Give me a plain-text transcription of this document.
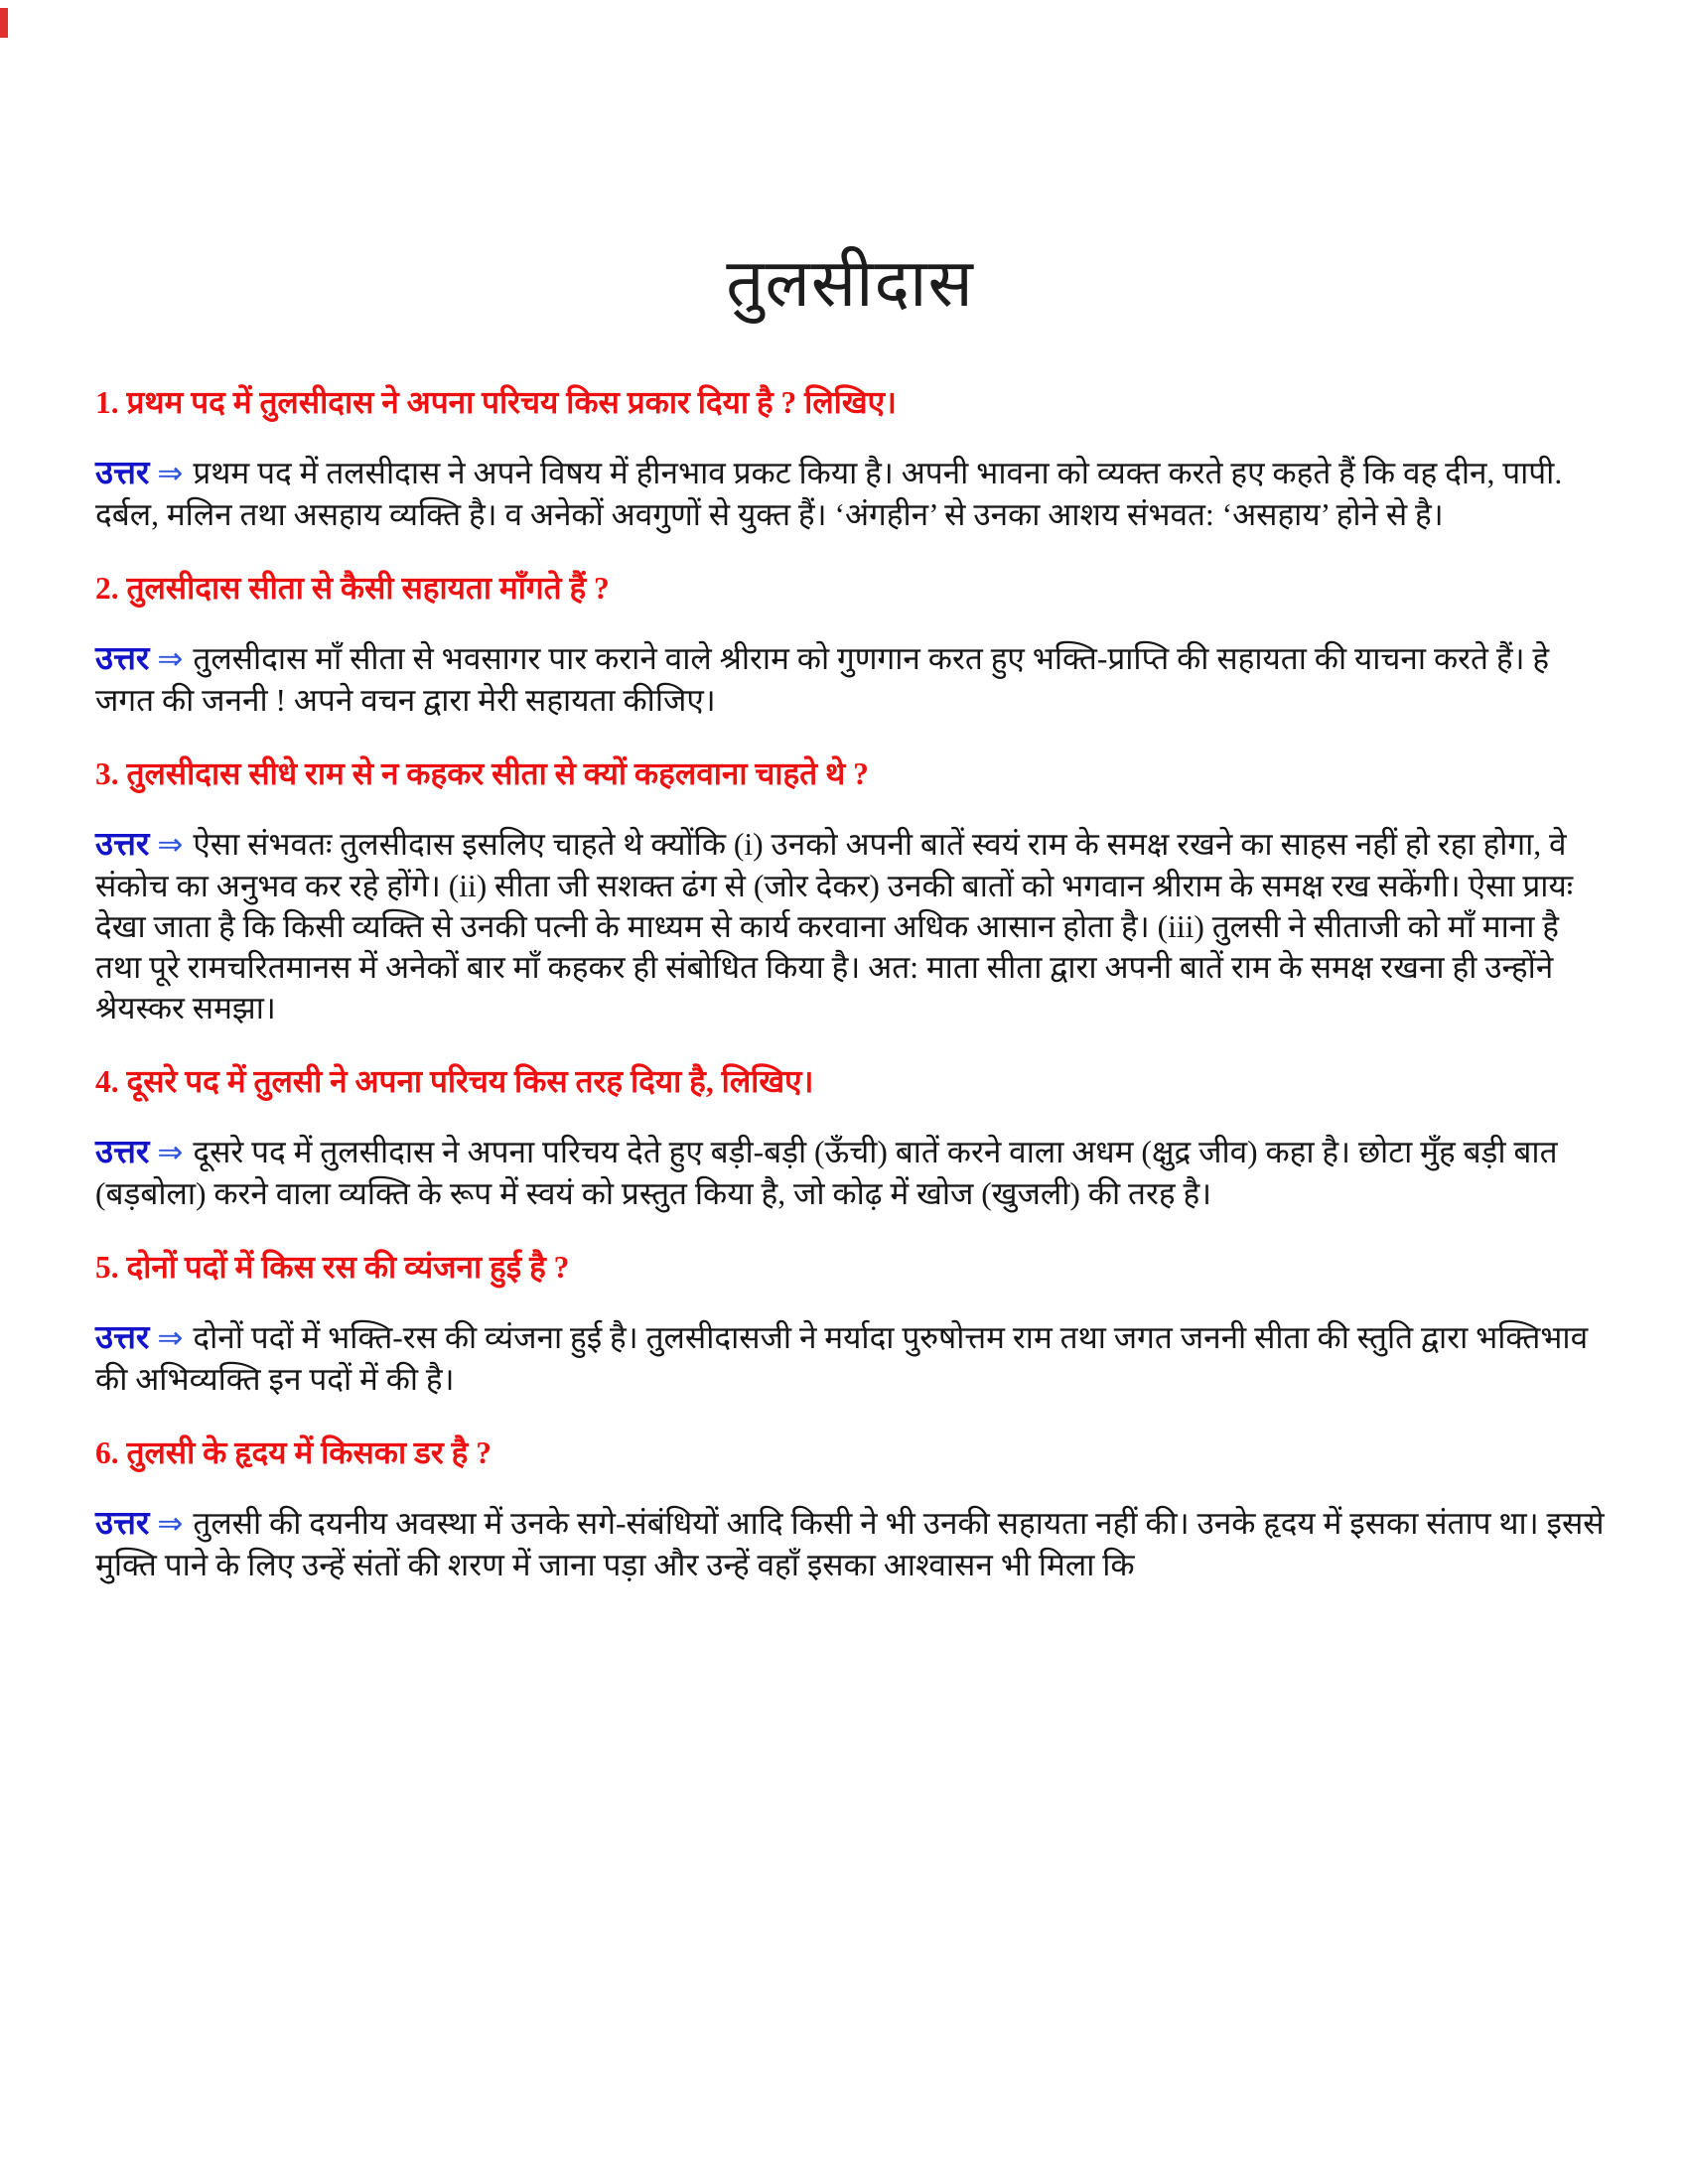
तुलसीदास
1. प्रथम पद में तुलसीदास ने अपना परिचय किस प्रकार दिया है ? लिखिए।

उत्तर ⇒ प्रथम पद में तलसीदास ने अपने विषय में हीनभाव प्रकट किया है। अपनी भावना को व्यक्त करते हए कहते हैं कि वह दीन, पापी. दर्बल, मलिन तथा असहाय व्यक्ति है। व अनेकों अवगुणों से युक्त हैं। ‘अंगहीन’ से उनका आशय संभवत: ‘असहाय’ होने से है।

2. तुलसीदास सीता से कैसी सहायता माँगते हैं ?

उत्तर ⇒ तुलसीदास माँ सीता से भवसागर पार कराने वाले श्रीराम को गुणगान करत हुए भक्ति-प्राप्ति की सहायता की याचना करते हैं। हे जगत की जननी ! अपने वचन द्वारा मेरी सहायता कीजिए।

3. तुलसीदास सीधे राम से न कहकर सीता से क्यों कहलवाना चाहते थे ?

उत्तर ⇒ ऐसा संभवतः तुलसीदास इसलिए चाहते थे क्योंकि (i) उनको अपनी बातें स्वयं राम के समक्ष रखने का साहस नहीं हो रहा होगा, वे संकोच का अनुभव कर रहे होंगे। (ii) सीता जी सशक्त ढंग से (जोर देकर) उनकी बातों को भगवान श्रीराम के समक्ष रख सकेंगी। ऐसा प्रायः देखा जाता है कि किसी व्यक्ति से उनकी पत्नी के माध्यम से कार्य करवाना अधिक आसान होता है। (iii) तुलसी ने सीताजी को माँ माना है तथा पूरे रामचरितमानस में अनेकों बार माँ कहकर ही संबोधित किया है। अत: माता सीता द्वारा अपनी बातें राम के समक्ष रखना ही उन्होंने श्रेयस्कर समझा।

4. दूसरे पद में तुलसी ने अपना परिचय किस तरह दिया है, लिखिए।

उत्तर ⇒ दूसरे पद में तुलसीदास ने अपना परिचय देते हुए बड़ी-बड़ी (ऊँची) बातें करने वाला अधम (क्षुद्र जीव) कहा है। छोटा मुँह बड़ी बात (बड़बोला) करने वाला व्यक्ति के रूप में स्वयं को प्रस्तुत किया है, जो कोढ़ में खोज (खुजली) की तरह है।

5. दोनों पदों में किस रस की व्यंजना हुई है ?

उत्तर ⇒ दोनों पदों में भक्ति-रस की व्यंजना हुई है। तुलसीदासजी ने मर्यादा पुरुषोत्तम राम तथा जगत जननी सीता की स्तुति द्वारा भक्तिभाव की अभिव्यक्ति इन पदों में की है।

6. तुलसी के हृदय में किसका डर है ?

उत्तर ⇒ तुलसी की दयनीय अवस्था में उनके सगे-संबंधियों आदि किसी ने भी उनकी सहायता नहीं की। उनके हृदय में इसका संताप था। इससे मुक्ति पाने के लिए उन्हें संतों की शरण में जाना पड़ा और उन्हें वहाँ इसका आश्वासन भी मिला कि
